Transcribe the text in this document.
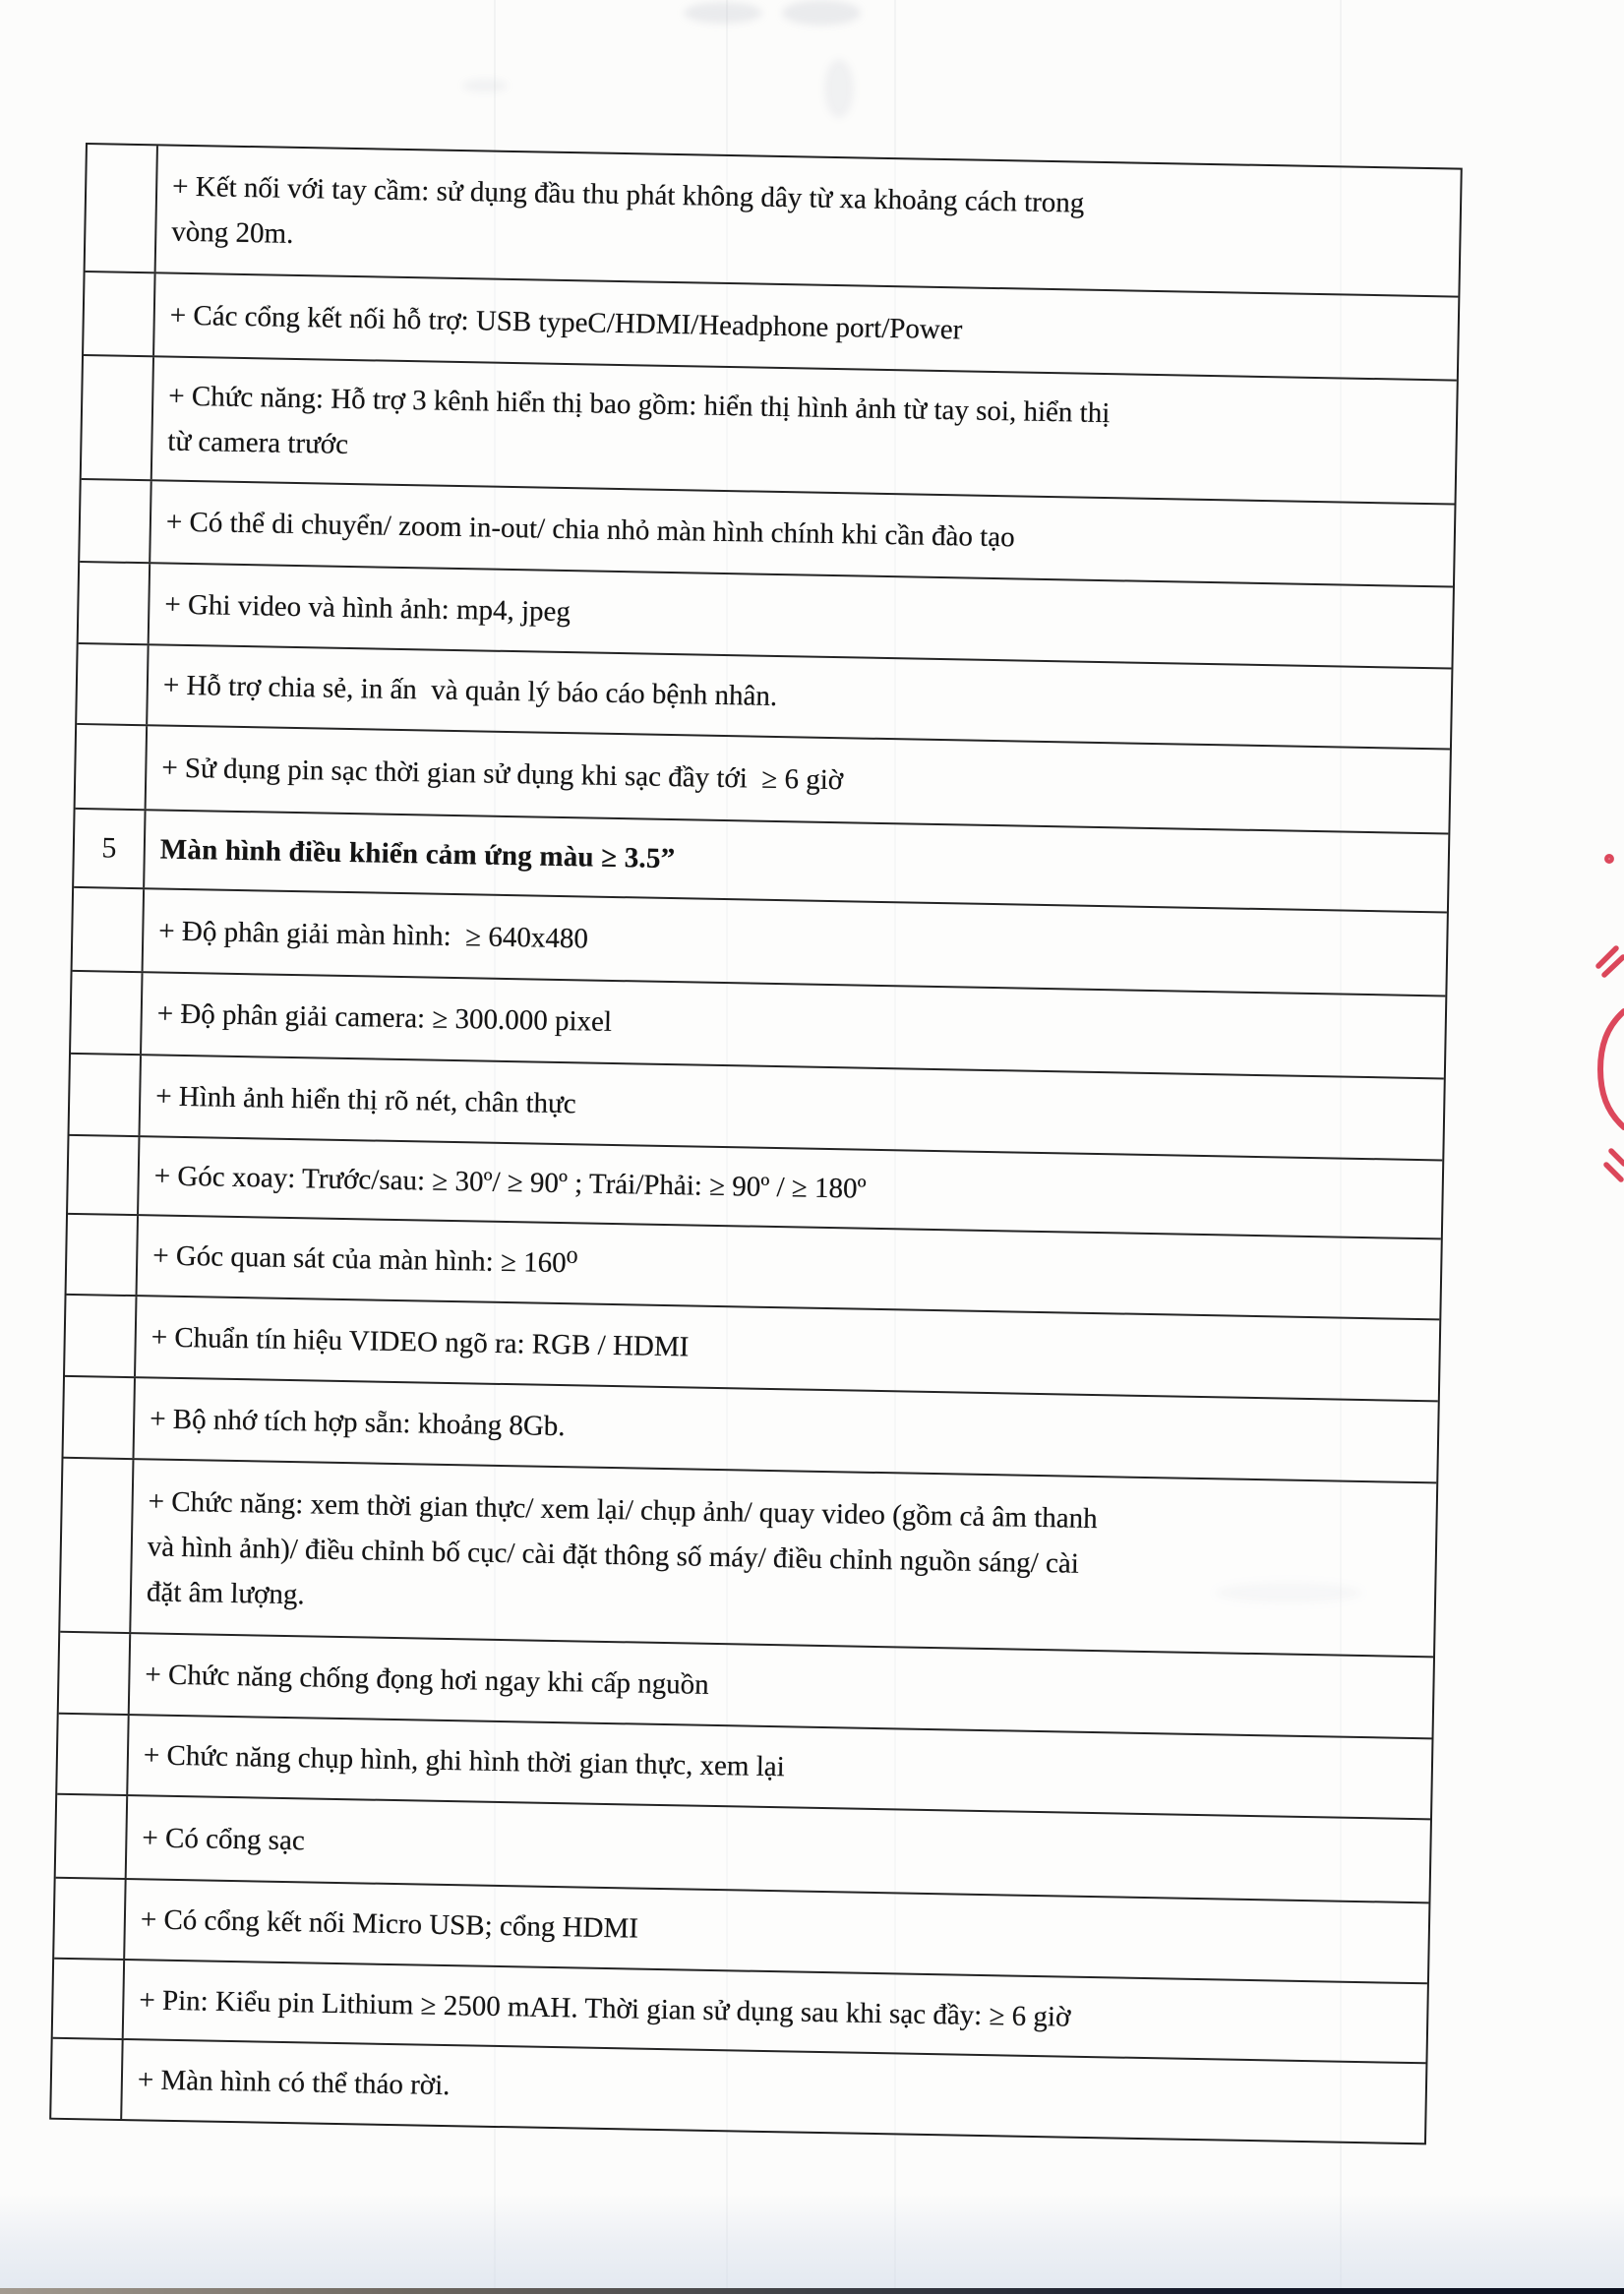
+ Kết nối với tay cầm: sử dụng đầu thu phát không dây từ xa khoảng cách trong
vòng 20m.
+ Các cổng kết nối hỗ trợ: USB typeC/HDMI/Headphone port/Power
+ Chức năng: Hỗ trợ 3 kênh hiển thị bao gồm: hiển thị hình ảnh từ tay soi, hiển thị
từ camera trước
+ Có thể di chuyển/ zoom in-out/ chia nhỏ màn hình chính khi cần đào tạo
+ Ghi video và hình ảnh: mp4, jpeg
+ Hỗ trợ chia sẻ, in ấn  và quản lý báo cáo bệnh nhân.
+ Sử dụng pin sạc thời gian sử dụng khi sạc đầy tới  ≥ 6 giờ
5	Màn hình điều khiển cảm ứng màu ≥ 3.5”
+ Độ phân giải màn hình:  ≥ 640x480
+ Độ phân giải camera: ≥ 300.000 pixel
+ Hình ảnh hiển thị rõ nét, chân thực
+ Góc xoay: Trước/sau: ≥ 30º/ ≥ 90º ; Trái/Phải: ≥ 90º / ≥ 180º
+ Góc quan sát của màn hình: ≥ 160⁰
+ Chuẩn tín hiệu VIDEO ngõ ra: RGB / HDMI
+ Bộ nhớ tích hợp sẵn: khoảng 8Gb.
+ Chức năng: xem thời gian thực/ xem lại/ chụp ảnh/ quay video (gồm cả âm thanh
và hình ảnh)/ điều chỉnh bố cục/ cài đặt thông số máy/ điều chỉnh nguồn sáng/ cài
đặt âm lượng.
+ Chức năng chống đọng hơi ngay khi cấp nguồn
+ Chức năng chụp hình, ghi hình thời gian thực, xem lại
+ Có cổng sạc
+ Có cổng kết nối Micro USB; cổng HDMI
+ Pin: Kiểu pin Lithium ≥ 2500 mAH. Thời gian sử dụng sau khi sạc đầy: ≥ 6 giờ
+ Màn hình có thể tháo rời.
